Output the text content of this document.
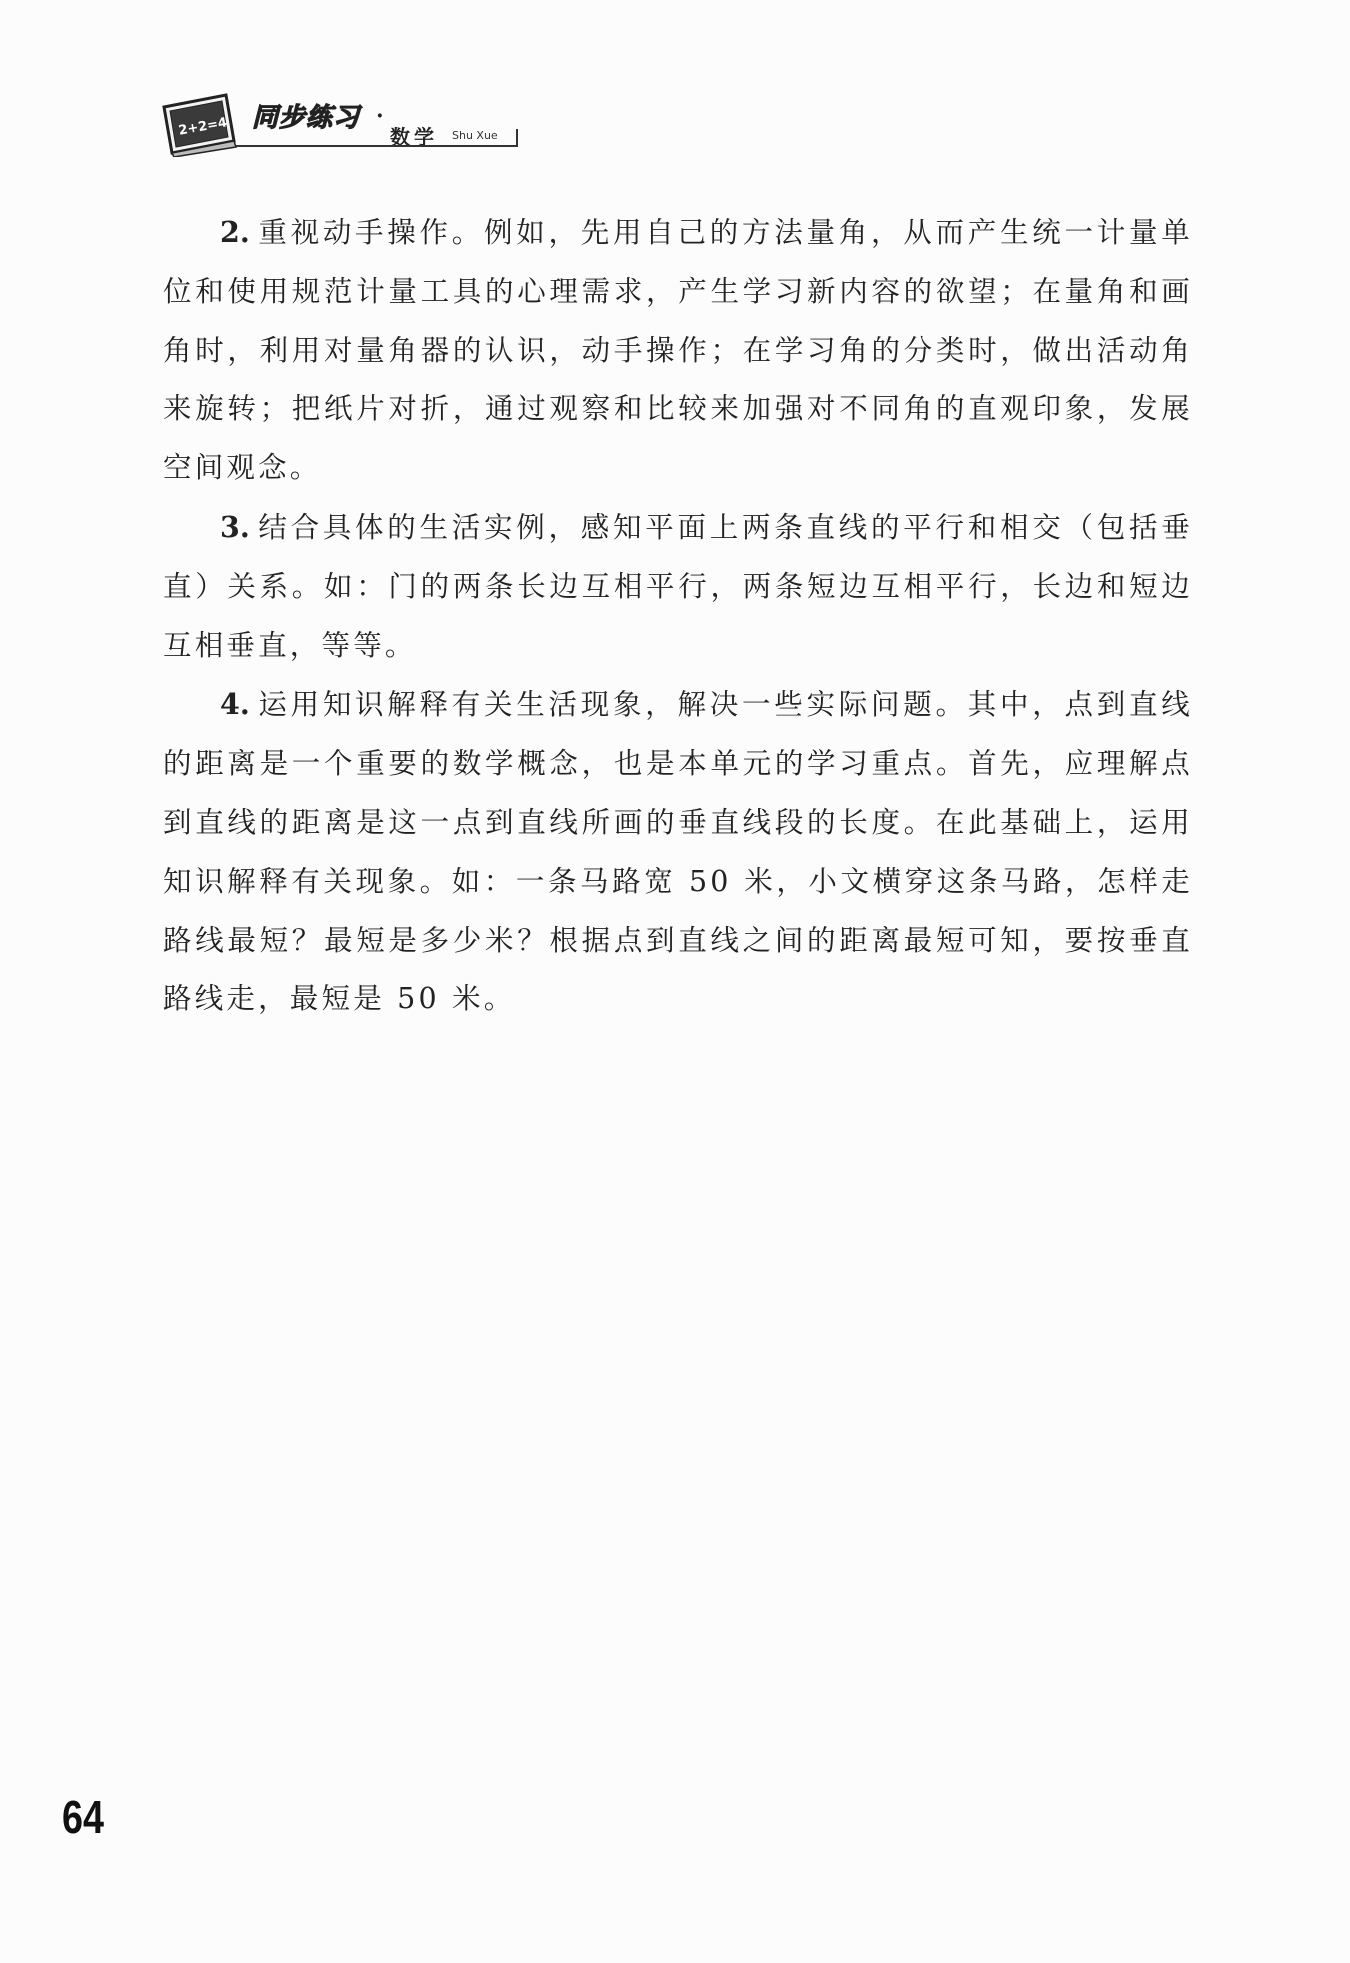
2+2=4 同步练习 ·
数学 Shu Xue

2. 重视动手操作。例如，先用自己的方法量角，从而产生统一计量单位和使用规范计量工具的心理需求，产生学习新内容的欲望；在量角和画角时，利用对量角器的认识，动手操作；在学习角的分类时，做出活动角来旋转；把纸片对折，通过观察和比较来加强对不同角的直观印象，发展空间观念。

3. 结合具体的生活实例，感知平面上两条直线的平行和相交（包括垂直）关系。如：门的两条长边互相平行，两条短边互相平行，长边和短边互相垂直，等等。

4. 运用知识解释有关生活现象，解决一些实际问题。其中，点到直线的距离是一个重要的数学概念，也是本单元的学习重点。首先，应理解点到直线的距离是这一点到直线所画的垂直线段的长度。在此基础上，运用知识解释有关现象。如：一条马路宽 50 米，小文横穿这条马路，怎样走路线最短？最短是多少米？根据点到直线之间的距离最短可知，要按垂直路线走，最短是 50 米。

64
